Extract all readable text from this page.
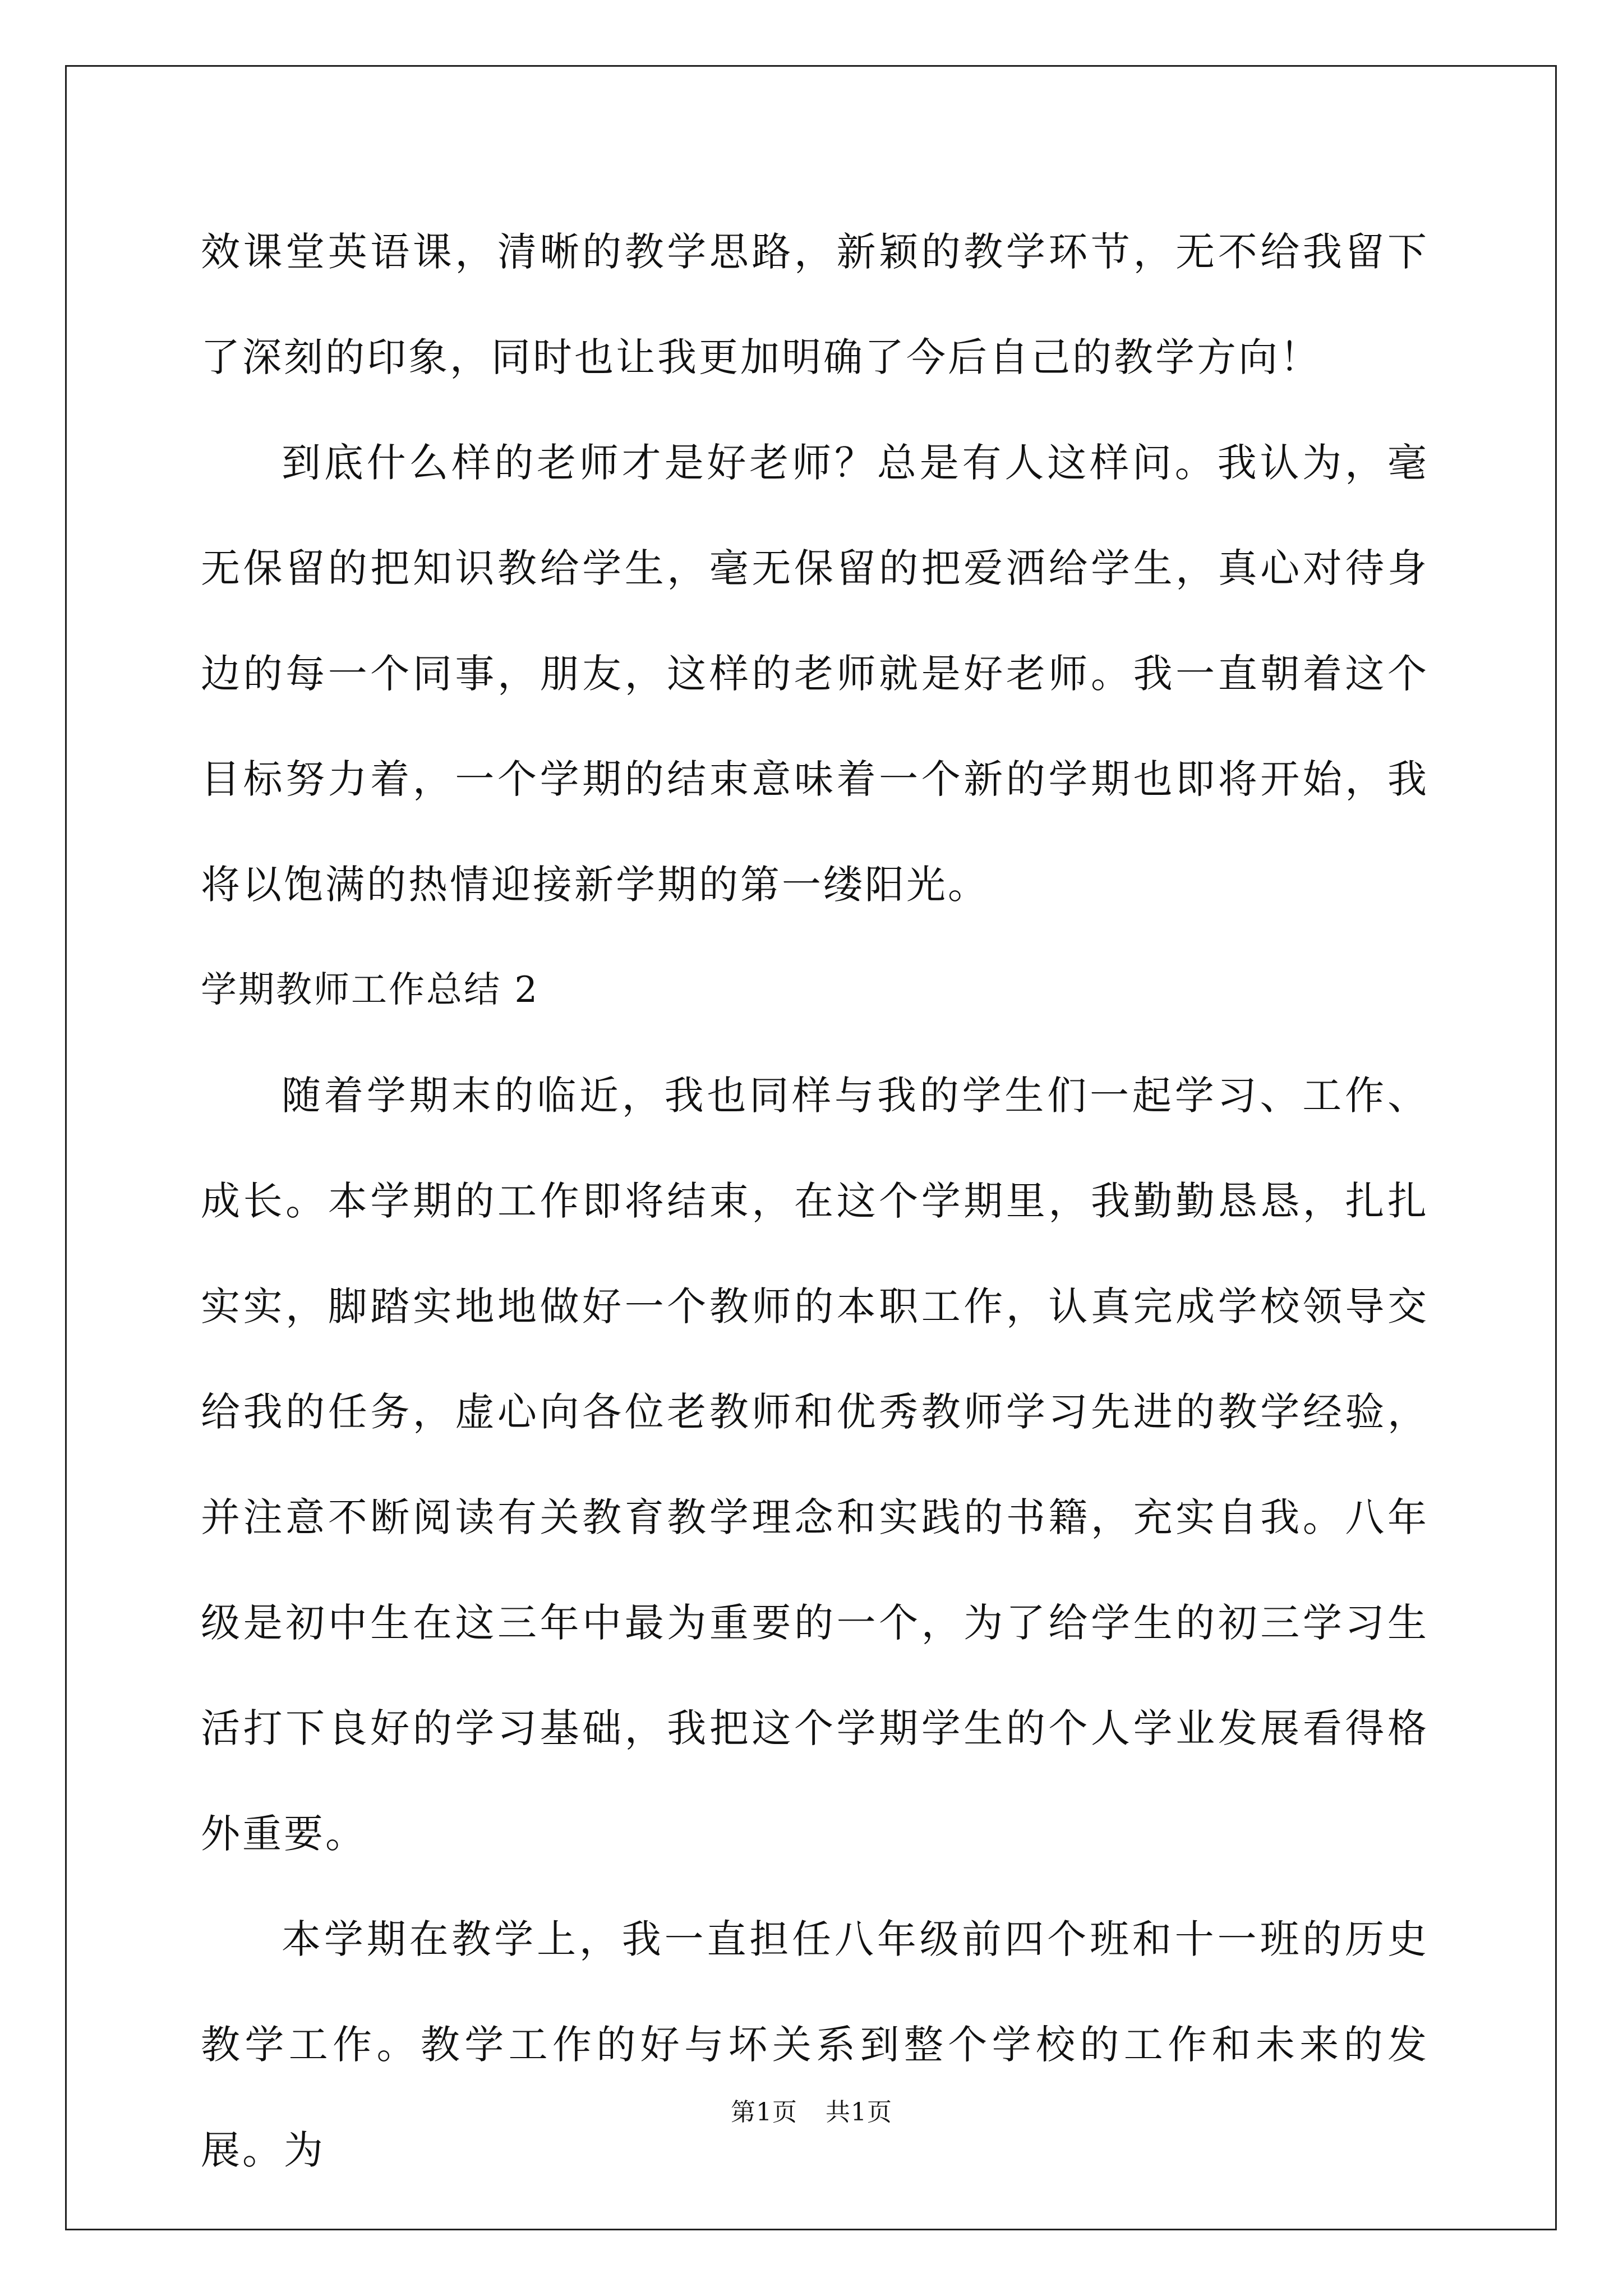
效课堂英语课，清晰的教学思路，新颖的教学环节，无不给我留下了深刻的印象，同时也让我更加明确了今后自己的教学方向！

到底什么样的老师才是好老师？总是有人这样问。我认为，毫无保留的把知识教给学生，毫无保留的把爱洒给学生，真心对待身边的每一个同事，朋友，这样的老师就是好老师。我一直朝着这个目标努力着，一个学期的结束意味着一个新的学期也即将开始，我将以饱满的热情迎接新学期的第一缕阳光。

学期教师工作总结 2

随着学期末的临近，我也同样与我的学生们一起学习、工作、成长。本学期的工作即将结束，在这个学期里，我勤勤恳恳，扎扎实实，脚踏实地地做好一个教师的本职工作，认真完成学校领导交给我的任务，虚心向各位老教师和优秀教师学习先进的教学经验，并注意不断阅读有关教育教学理念和实践的书籍，充实自我。八年级是初中生在这三年中最为重要的一个，为了给学生的初三学习生活打下良好的学习基础，我把这个学期学生的个人学业发展看得格外重要。

本学期在教学上，我一直担任八年级前四个班和十一班的历史教学工作。教学工作的好与坏关系到整个学校的工作和未来的发展。为

第1页 共1页
